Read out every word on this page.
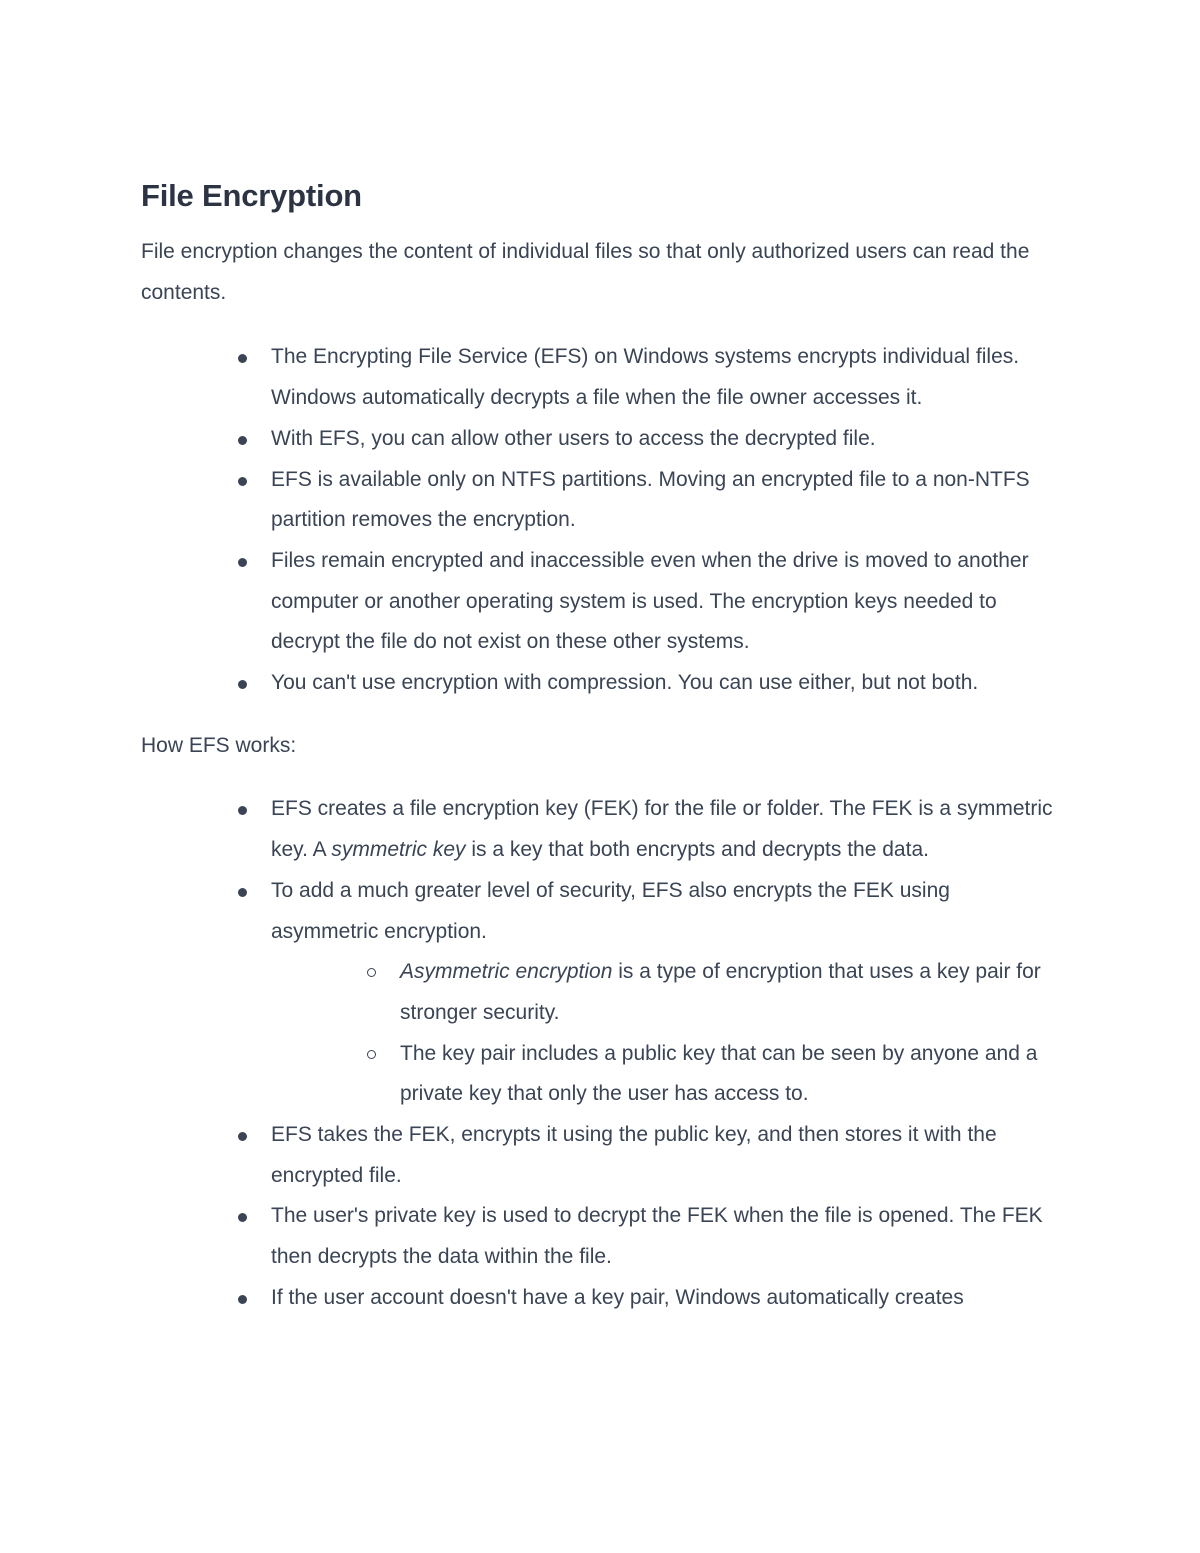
File Encryption

File encryption changes the content of individual files so that only authorized users can read the contents.

The Encrypting File Service (EFS) on Windows systems encrypts individual files. Windows automatically decrypts a file when the file owner accesses it.
With EFS, you can allow other users to access the decrypted file.
EFS is available only on NTFS partitions. Moving an encrypted file to a non-NTFS partition removes the encryption.
Files remain encrypted and inaccessible even when the drive is moved to another computer or another operating system is used. The encryption keys needed to decrypt the file do not exist on these other systems.
You can't use encryption with compression. You can use either, but not both.

How EFS works:

EFS creates a file encryption key (FEK) for the file or folder. The FEK is a symmetric key. A symmetric key is a key that both encrypts and decrypts the data.
To add a much greater level of security, EFS also encrypts the FEK using asymmetric encryption.
Asymmetric encryption is a type of encryption that uses a key pair for stronger security.
The key pair includes a public key that can be seen by anyone and a private key that only the user has access to.
EFS takes the FEK, encrypts it using the public key, and then stores it with the encrypted file.
The user's private key is used to decrypt the FEK when the file is opened. The FEK then decrypts the data within the file.
If the user account doesn't have a key pair, Windows automatically creates
